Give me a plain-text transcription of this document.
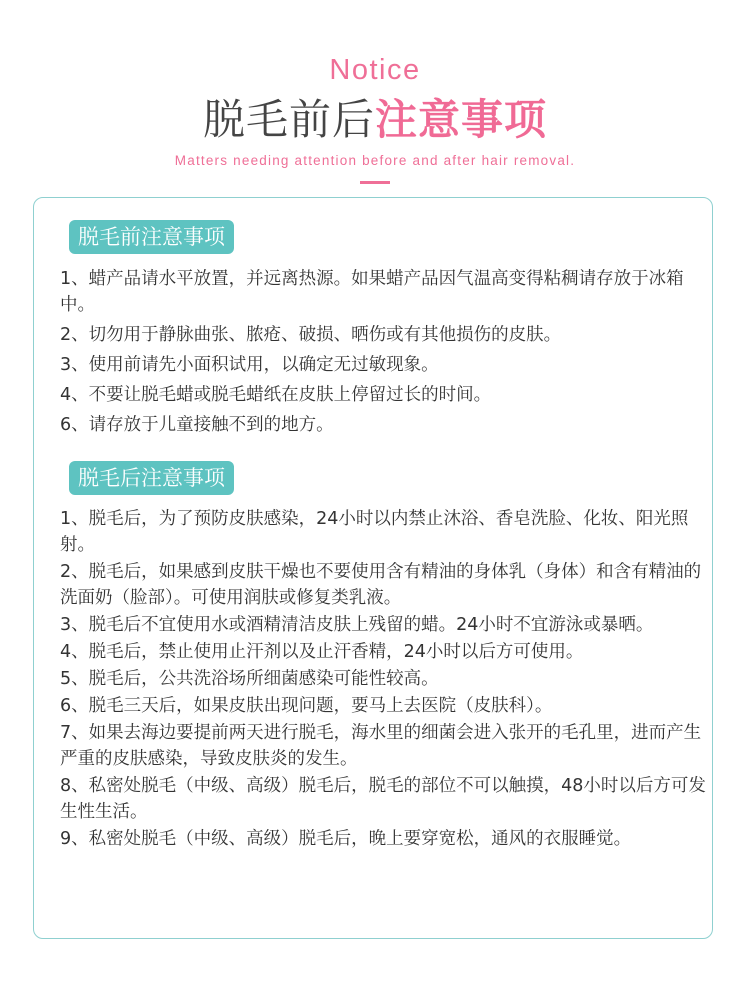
Notice
脱毛前后注意事项
Matters needing attention before and after hair removal.
脱毛前注意事项
1、蜡产品请水平放置，并远离热源。如果蜡产品因气温高变得粘稠请存放于冰箱中。
2、切勿用于静脉曲张、脓疮、破损、晒伤或有其他损伤的皮肤。
3、使用前请先小面积试用，以确定无过敏现象。
4、不要让脱毛蜡或脱毛蜡纸在皮肤上停留过长的时间。
6、请存放于儿童接触不到的地方。
脱毛后注意事项
1、脱毛后，为了预防皮肤感染，24小时以内禁止沐浴、香皂洗脸、化妆、阳光照射。
2、脱毛后，如果感到皮肤干燥也不要使用含有精油的身体乳（身体）和含有精油的洗面奶（脸部）。可使用润肤或修复类乳液。
3、脱毛后不宜使用水或酒精清洁皮肤上残留的蜡。24小时不宜游泳或暴晒。
4、脱毛后，禁止使用止汗剂以及止汗香精，24小时以后方可使用。
5、脱毛后，公共洗浴场所细菌感染可能性较高。
6、脱毛三天后，如果皮肤出现问题，要马上去医院（皮肤科）。
7、如果去海边要提前两天进行脱毛，海水里的细菌会进入张开的毛孔里，进而产生严重的皮肤感染，导致皮肤炎的发生。
8、私密处脱毛（中级、高级）脱毛后，脱毛的部位不可以触摸，48小时以后方可发生性生活。
9、私密处脱毛（中级、高级）脱毛后，晚上要穿宽松，通风的衣服睡觉。
